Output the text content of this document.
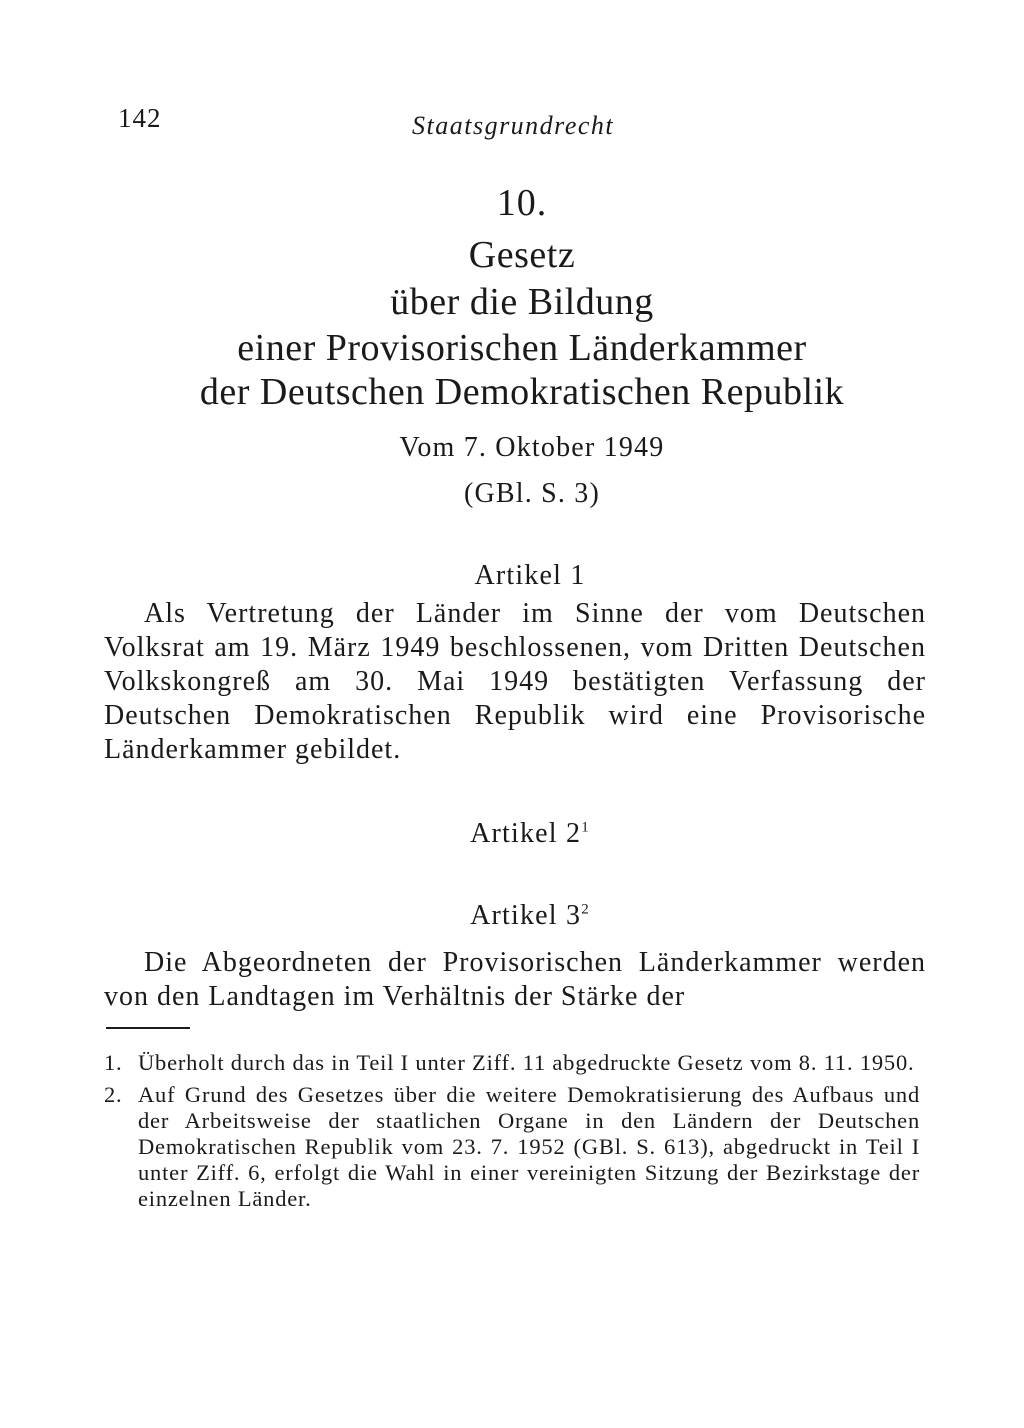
142	Staatsgrundrecht
10.
Gesetz
über die Bildung
einer Provisorischen Länderkammer
der Deutschen Demokratischen Republik
Vom 7. Oktober 1949
(GBl. S. 3)
Artikel 1
Als Vertretung der Länder im Sinne der vom Deutschen Volksrat am 19. März 1949 beschlossenen, vom Dritten Deutschen Volkskongreß am 30. Mai 1949 bestätigten Verfassung der Deutschen Demokratischen Republik wird eine Provisorische Länderkammer gebildet.
Artikel $2^1$
Artikel $3^2$
Die Abgeordneten der Provisorischen Länderkammer werden von den Landtagen im Verhältnis der Stärke der
1. Überholt durch das in Teil I unter Ziff. 11 abgedruckte Gesetz vom 8. 11. 1950.
2. Auf Grund des Gesetzes über die weitere Demokratisierung des Aufbaus und der Arbeitsweise der staatlichen Organe in den Ländern der Deutschen Demokratischen Republik vom 23. 7. 1952 (GBl. S. 613), abgedruckt in Teil I unter Ziff. 6, erfolgt die Wahl in einer vereinigten Sitzung der Bezirkstage der einzelnen Länder.
